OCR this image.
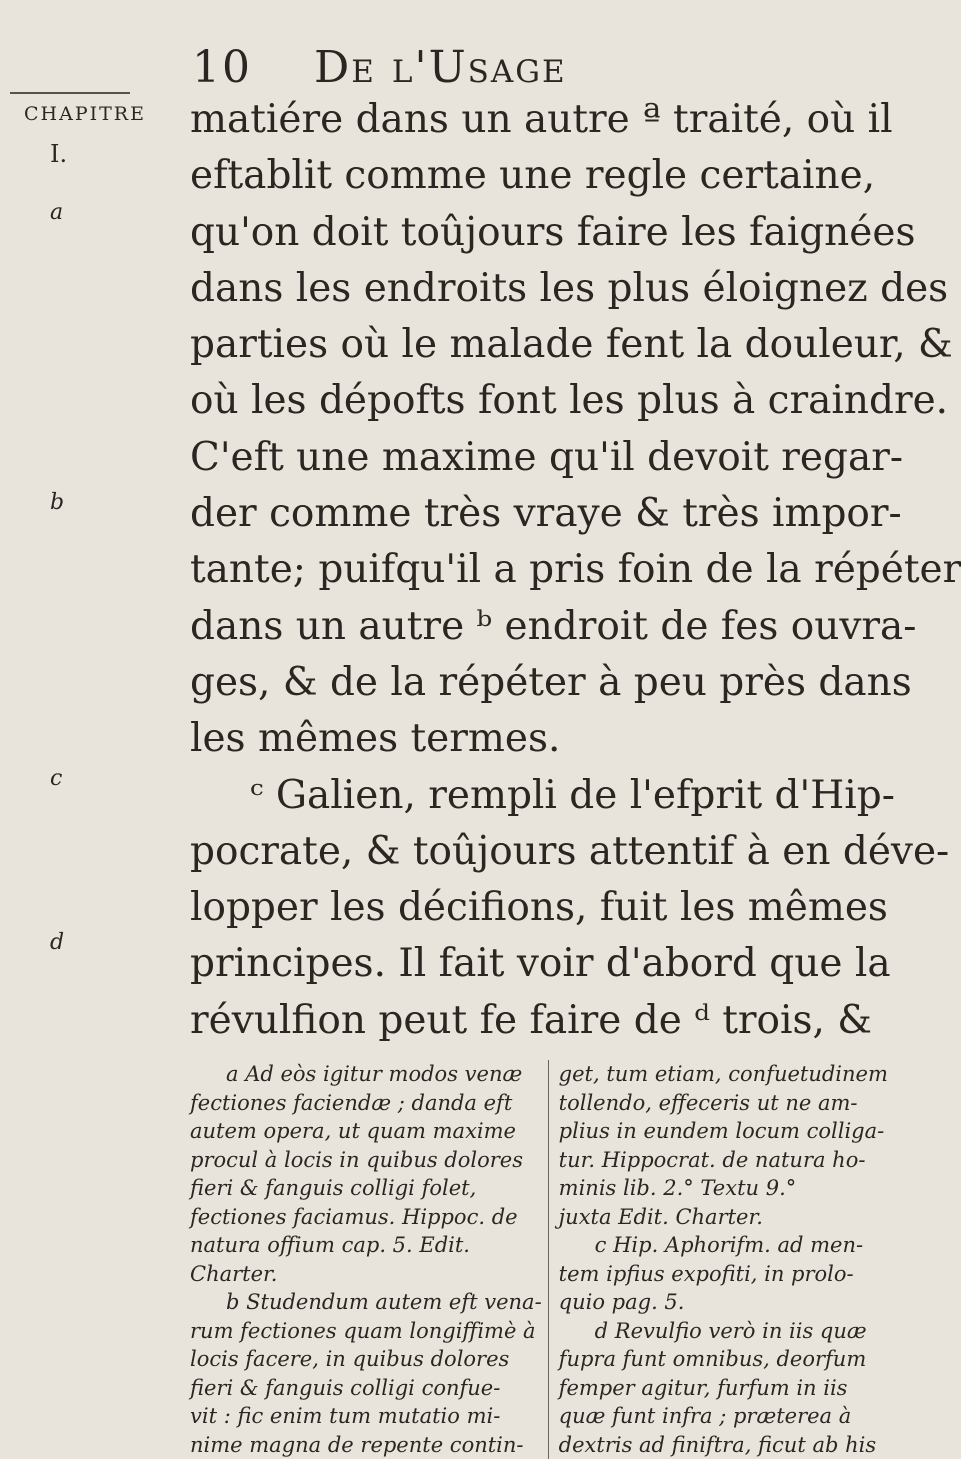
10 De l'Usage
CHAPITRE
I.
a
b
c
d
matiére dans un autre ª traité, où il
eftablit comme une regle certaine,
qu'on doit toûjours faire les faignées
dans les endroits les plus éloignez des
parties où le malade fent la douleur, &
où les dépofts font les plus à craindre.
C'eft une maxime qu'il devoit regar-
der comme très vraye & très impor-
tante; puifqu'il a pris foin de la répéter
dans un autre ᵇ endroit de fes ouvra-
ges, & de la répéter à peu près dans
les mêmes termes.
ᶜ Galien, rempli de l'efprit d'Hip-
pocrate, & toûjours attentif à en déve-
lopper les décifions, fuit les mêmes
principes. Il fait voir d'abord que la
révulfion peut fe faire de ᵈ trois, &
a Ad eòs igitur modos venæ
fectiones faciendæ ; danda eft
autem opera, ut quam maxime
procul à locis in quibus dolores
fieri & fanguis colligi folet,
fectiones faciamus. Hippoc. de
natura offium cap. 5. Edit.
Charter.
b Studendum autem eft vena-
rum fectiones quam longiffimè à
locis facere, in quibus dolores
fieri & fanguis colligi confue-
vit : fic enim tum mutatio mi-
nime magna de repente contin-
get, tum etiam, confuetudinem
tollendo, effeceris ut ne am-
plius in eundem locum colliga-
tur. Hippocrat. de natura ho-
minis lib. 2.° Textu 9.°
juxta Edit. Charter.
c Hip. Aphorifm. ad men-
tem ipfius expofiti, in prolo-
quio pag. 5.
d Revulfio verò in iis quæ
fupra funt omnibus, deorfum
femper agitur, furfum in iis
quæ funt infra ; præterea à
dextris ad finiftra, ficut ab his
